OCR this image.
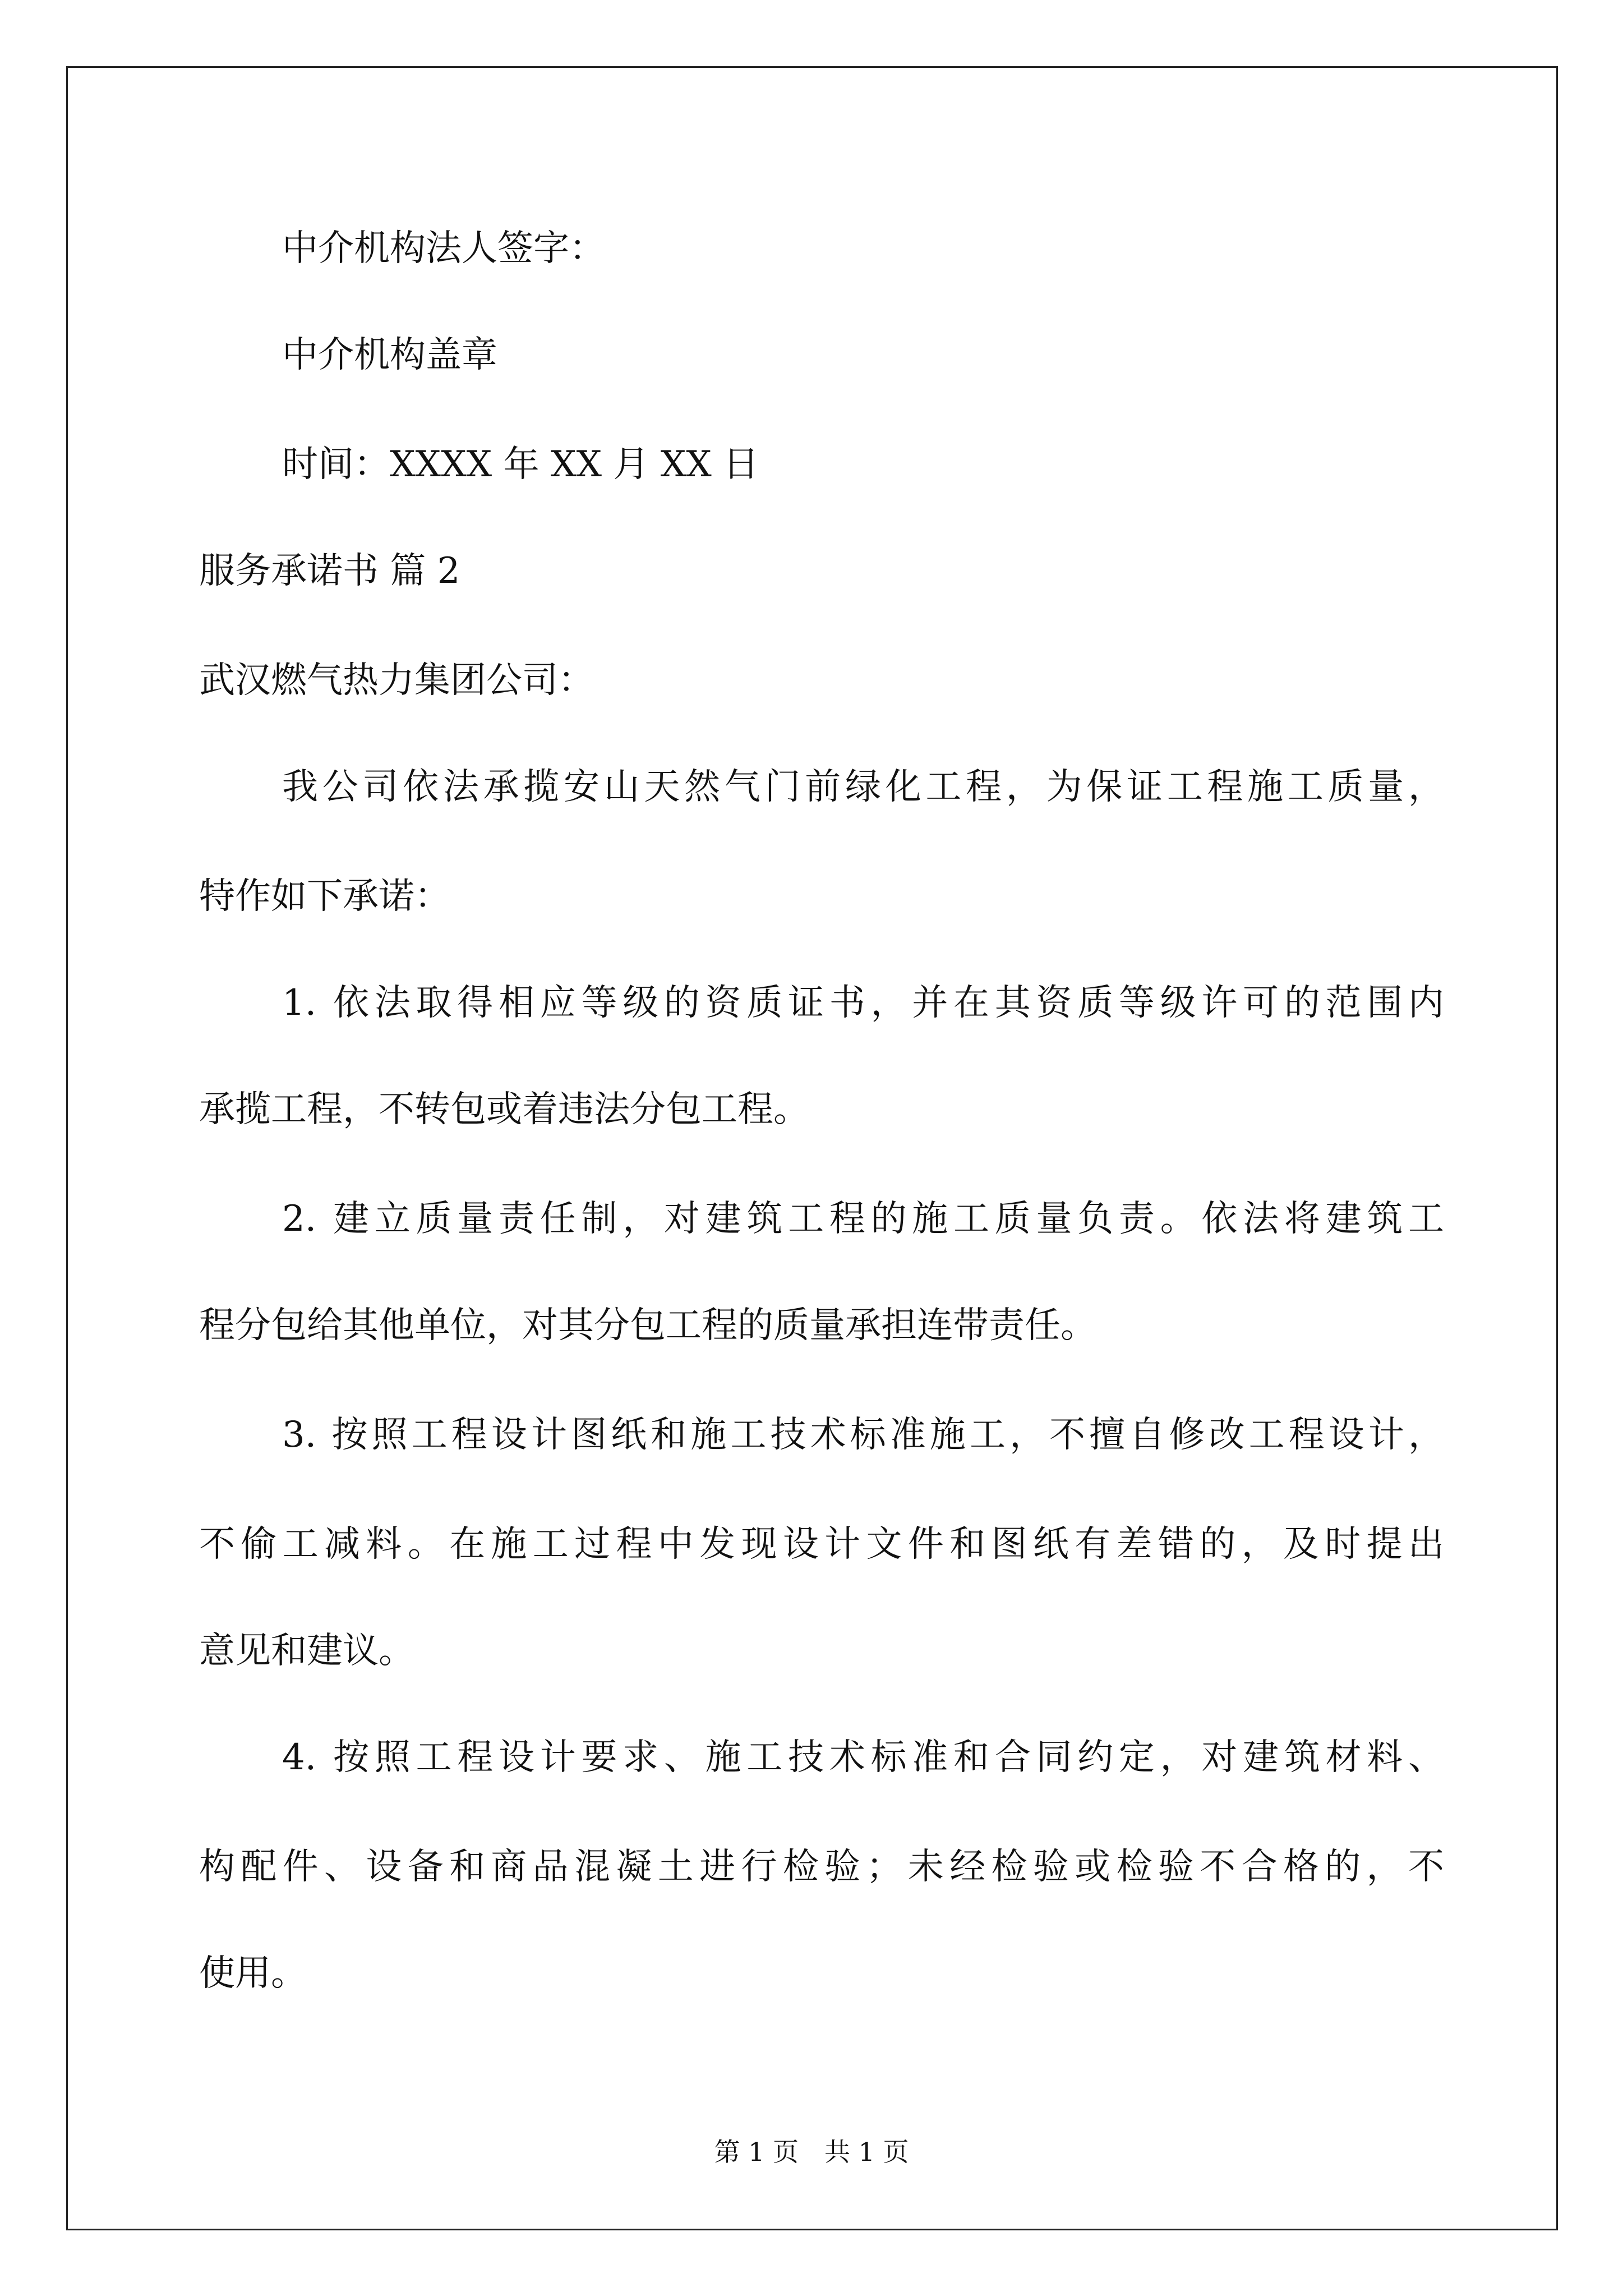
中介机构法人签字：

中介机构盖章

时间：XXXX 年 XX 月 XX 日

服务承诺书 篇 2

武汉燃气热力集团公司：

我公司依法承揽安山天然气门前绿化工程，为保证工程施工质量，

特作如下承诺：

1. 依法取得相应等级的资质证书，并在其资质等级许可的范围内

承揽工程，不转包或着违法分包工程。

2. 建立质量责任制，对建筑工程的施工质量负责。依法将建筑工

程分包给其他单位，对其分包工程的质量承担连带责任。

3. 按照工程设计图纸和施工技术标准施工，不擅自修改工程设计，

不偷工减料。在施工过程中发现设计文件和图纸有差错的，及时提出

意见和建议。

4. 按照工程设计要求、施工技术标准和合同约定，对建筑材料、

构配件、设备和商品混凝土进行检验；未经检验或检验不合格的，不

使用。

第 1 页　共 1 页
